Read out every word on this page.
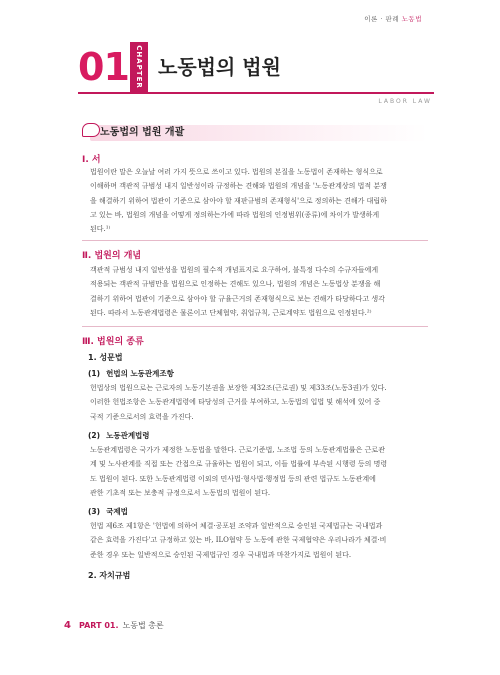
이론 · 판례 노동법
01 CHAPTER 노동법의 법원
LABOR LAW
노동법의 법원 개괄
Ⅰ. 서
법원이란 말은 오늘날 여러 가지 뜻으로 쓰이고 있다. 법원의 본질을 노동법이 존재하는 형식으로
이해하며 객관적 규범성 내지 일반성이라 규정하는 견해와 법원의 개념을 '노동관계상의 법적 분쟁
을 해결하기 위하여 법관이 기준으로 삼아야 할 재판규범의 존재형식'으로 정의하는 견해가 대립하
고 있는 바, 법원의 개념을 어떻게 정의하는가에 따라 법원의 인정범위(종류)에 차이가 발생하게
된다.¹⁾
Ⅱ. 법원의 개념
객관적 규범성 내지 일반성을 법원의 필수적 개념표지로 요구하여, 불특정 다수의 수규자들에게
적용되는 객관적 규범만을 법원으로 인정하는 견해도 있으나, 법원의 개념은 노동법상 분쟁을 해
결하기 위하여 법관이 기준으로 삼아야 할 규율근거의 존재형식으로 보는 견해가 타당하다고 생각
된다. 따라서 노동관계법령은 물론이고 단체협약, 취업규칙, 근로계약도 법원으로 인정된다.²⁾
Ⅲ. 법원의 종류
1. 성문법
(1) 헌법의 노동관계조항
헌법상의 법원으로는 근로자의 노동기본권을 보장한 제32조(근로권) 및 제33조(노동3권)가 있다.
이러한 헌법조항은 노동관계법령에 타당성의 근거를 부여하고, 노동법의 입법 및 해석에 있어 중
국적 기준으로서의 효력을 가진다.
(2) 노동관계법령
노동관계법령은 국가가 제정한 노동법을 말한다. 근로기준법, 노조법 등의 노동관계법률은 근로관
계 및 노사관계를 직접 또는 간접으로 규율하는 법원이 되고, 이들 법률에 부속된 시행령 등의 명령
도 법원이 된다. 또한 노동관계법령 이외의 민사법·형사법·행정법 등의 관련 법규도 노동관계에
관한 기초적 또는 보충적 규정으로서 노동법의 법원이 된다.
(3) 국제법
헌법 제6조 제1항은 '헌법에 의하여 체결·공포된 조약과 일반적으로 승인된 국제법규는 국내법과
같은 효력을 가진다'고 규정하고 있는 바, ILO협약 등 노동에 관한 국제협약은 우리나라가 체결·비
준한 경우 또는 일반적으로 승인된 국제법규인 경우 국내법과 마찬가지로 법원이 된다.
2. 자치규범
4 PART 01. 노동법 총론
